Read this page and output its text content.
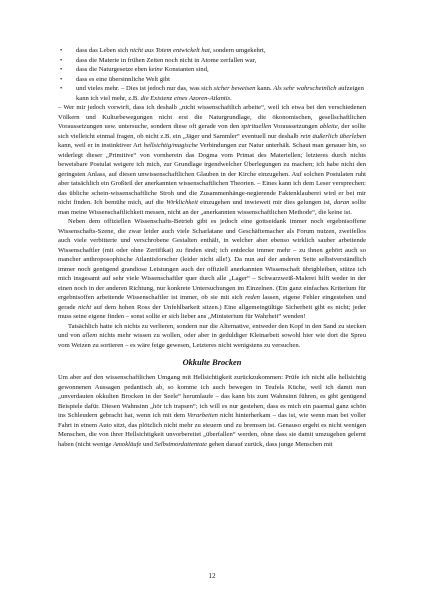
• dass das Leben sich nicht aus Totem entwickelt hat, sondern umgekehrt,
• dass die Materie in frühen Zeiten noch nicht in Atome zerfallen war,
• dass die Naturgesetze eben keine Konstanten sind,
• dass es eine übersinnliche Welt gibt
• und vieles mehr. – Dies ist jedoch nur das, was sich sicher beweisen kann. Als sehr wahrscheinlich aufzeigen kann ich viel mehr, z.B. die Existenz eines Azoren-Atlantis.

– Wer mir jedoch vorwirft, dass ich deshalb „nicht wissenschaftlich arbeite“, weil ich etwa bei den verschiedenen Völkern und Kulturbewegungen nicht erst die Naturgrundlage, die ökonomischen, gesellschaftlichen Voraussetzungen usw. untersuche, sondern diese oft gerade von den spirituellen Voraussetzungen ableite, der sollte sich vielleicht einmal fragen, ob nicht z.B. ein „Jäger und Sammler“ eventuell nur deshalb rein äußerlich überleben kann, weil er in instinktiver Art hellsichtig/magische Verbindungen zur Natur unterhält. Schaut man genauer hin, so widerlegt dieser „Primitive“ von vornherein das Dogma vom Primat des Materiellen; letzteres durch nichts beweisbare Postulat weigere ich mich, zur Grundlage irgendwelcher Überlegungen zu machen; ich habe nicht den geringsten Anlass, auf diesen unwissenschaftlichen Glauben in der Kirche einzugehen. Auf solchen Postulaten ruht aber tatsächlich ein Großteil der anerkannten wissenschaftlichen Theorien. – Eines kann ich dem Leser versprechen: das übliche schein-wissenschaftliche Stroh und die Zusammenhänge-negierende Faktenklauberei wird er bei mir nicht finden. Ich bemühe mich, auf die Wirklichkeit einzugehen und inwieweit mir dies gelungen ist, daran sollte man meine Wissenschaftlichkeit messen, nicht an der „anerkannten wissenschaftlichen Methode“, die keine ist.

Neben dem offiziellen Wissenschafts-Betrieb gibt es jedoch eine gottseidank immer noch ergebnisoffene Wissenschafts-Szene, die zwar leider auch viele Scharlatane und Geschäftemacher als Forum nutzen, zweifellos auch viele verbitterte und verschrobene Gestalten enthält, in welcher aber ebenso wirklich sauber arbeitende Wissenschaftler (mit oder ohne Zertifikat) zu finden sind; ich entdecke immer mehr – zu ihnen gehört auch so mancher anthroposophische Atlantisforscher (leider nicht alle!). Da nun auf der anderen Seite selbstverständlich immer noch genügend grandiose Leistungen auch der offiziell anerkannten Wissenschaft übrigbleiben, stütze ich mich insgesamt auf sehr viele Wissenschaftler quer durch alle „Lager“ – Schwarzweiß-Malerei hilft weder in der einen noch in der anderen Richtung, nur konkrete Untersuchungen im Einzelnen. (Ein ganz einfaches Kriterium für ergebnisoffen arbeitende Wissenschaftler ist immer, ob sie mit sich reden lassen, eigene Fehler eingestehen und gerade nicht auf dem hohen Ross der Unfehlbarkeit sitzen.) Eine allgemeingültige Sicherheit gibt es nicht; jeder muss seine eigene finden – sonst sollte er sich lieber ans „Ministerium für Wahrheit“ wenden!

Tatsächlich hatte ich nichts zu verlieren, sondern nur die Alternative, entweder den Kopf in den Sand zu stecken und von allem nichts mehr wissen zu wollen, oder aber in geduldiger Kleinarbeit sowohl hier wie dort die Spreu vom Weizen zu sortieren – es wäre feige gewesen, Letzteres nicht wenigstens zu versuchen.

Okkulte Brocken

Um aber auf den wissenschaftlichen Umgang mit Hellsichtigkeit zurückzukommen: Prüfe ich nicht alle hellsichtig gewonnenen Aussagen pedantisch ab, so komme ich auch bewegen in Teufels Küche, weil ich damit nun „unverdauten okkulten Brocken in der Seele“ herumlaufe – das kann bis zum Wahnsinn führen, es gibt genügend Beispiele dafür. Diesen Wahnsinn „hör ich trapsen“; ich will es nur gestehen, dass es mich ein paarmal ganz schön ins Schleudern gebracht hat, wenn ich mit dem Verarbeiten nicht hinterherkam – das ist, wie wenn man bei voller Fahrt in einem Auto sitzt, das plötzlich nicht mehr zu steuern und zu bremsen ist. Genauso ergeht es nicht wenigen Menschen, die von ihrer Hellsichtigkeit unvorbereitet „überfallen“ werden, ohne dass sie damit umzugehen gelernt haben (nicht wenige Amokläufe und Selbstmordattentate gehen darauf zurück, dass junge Menschen mit

12
